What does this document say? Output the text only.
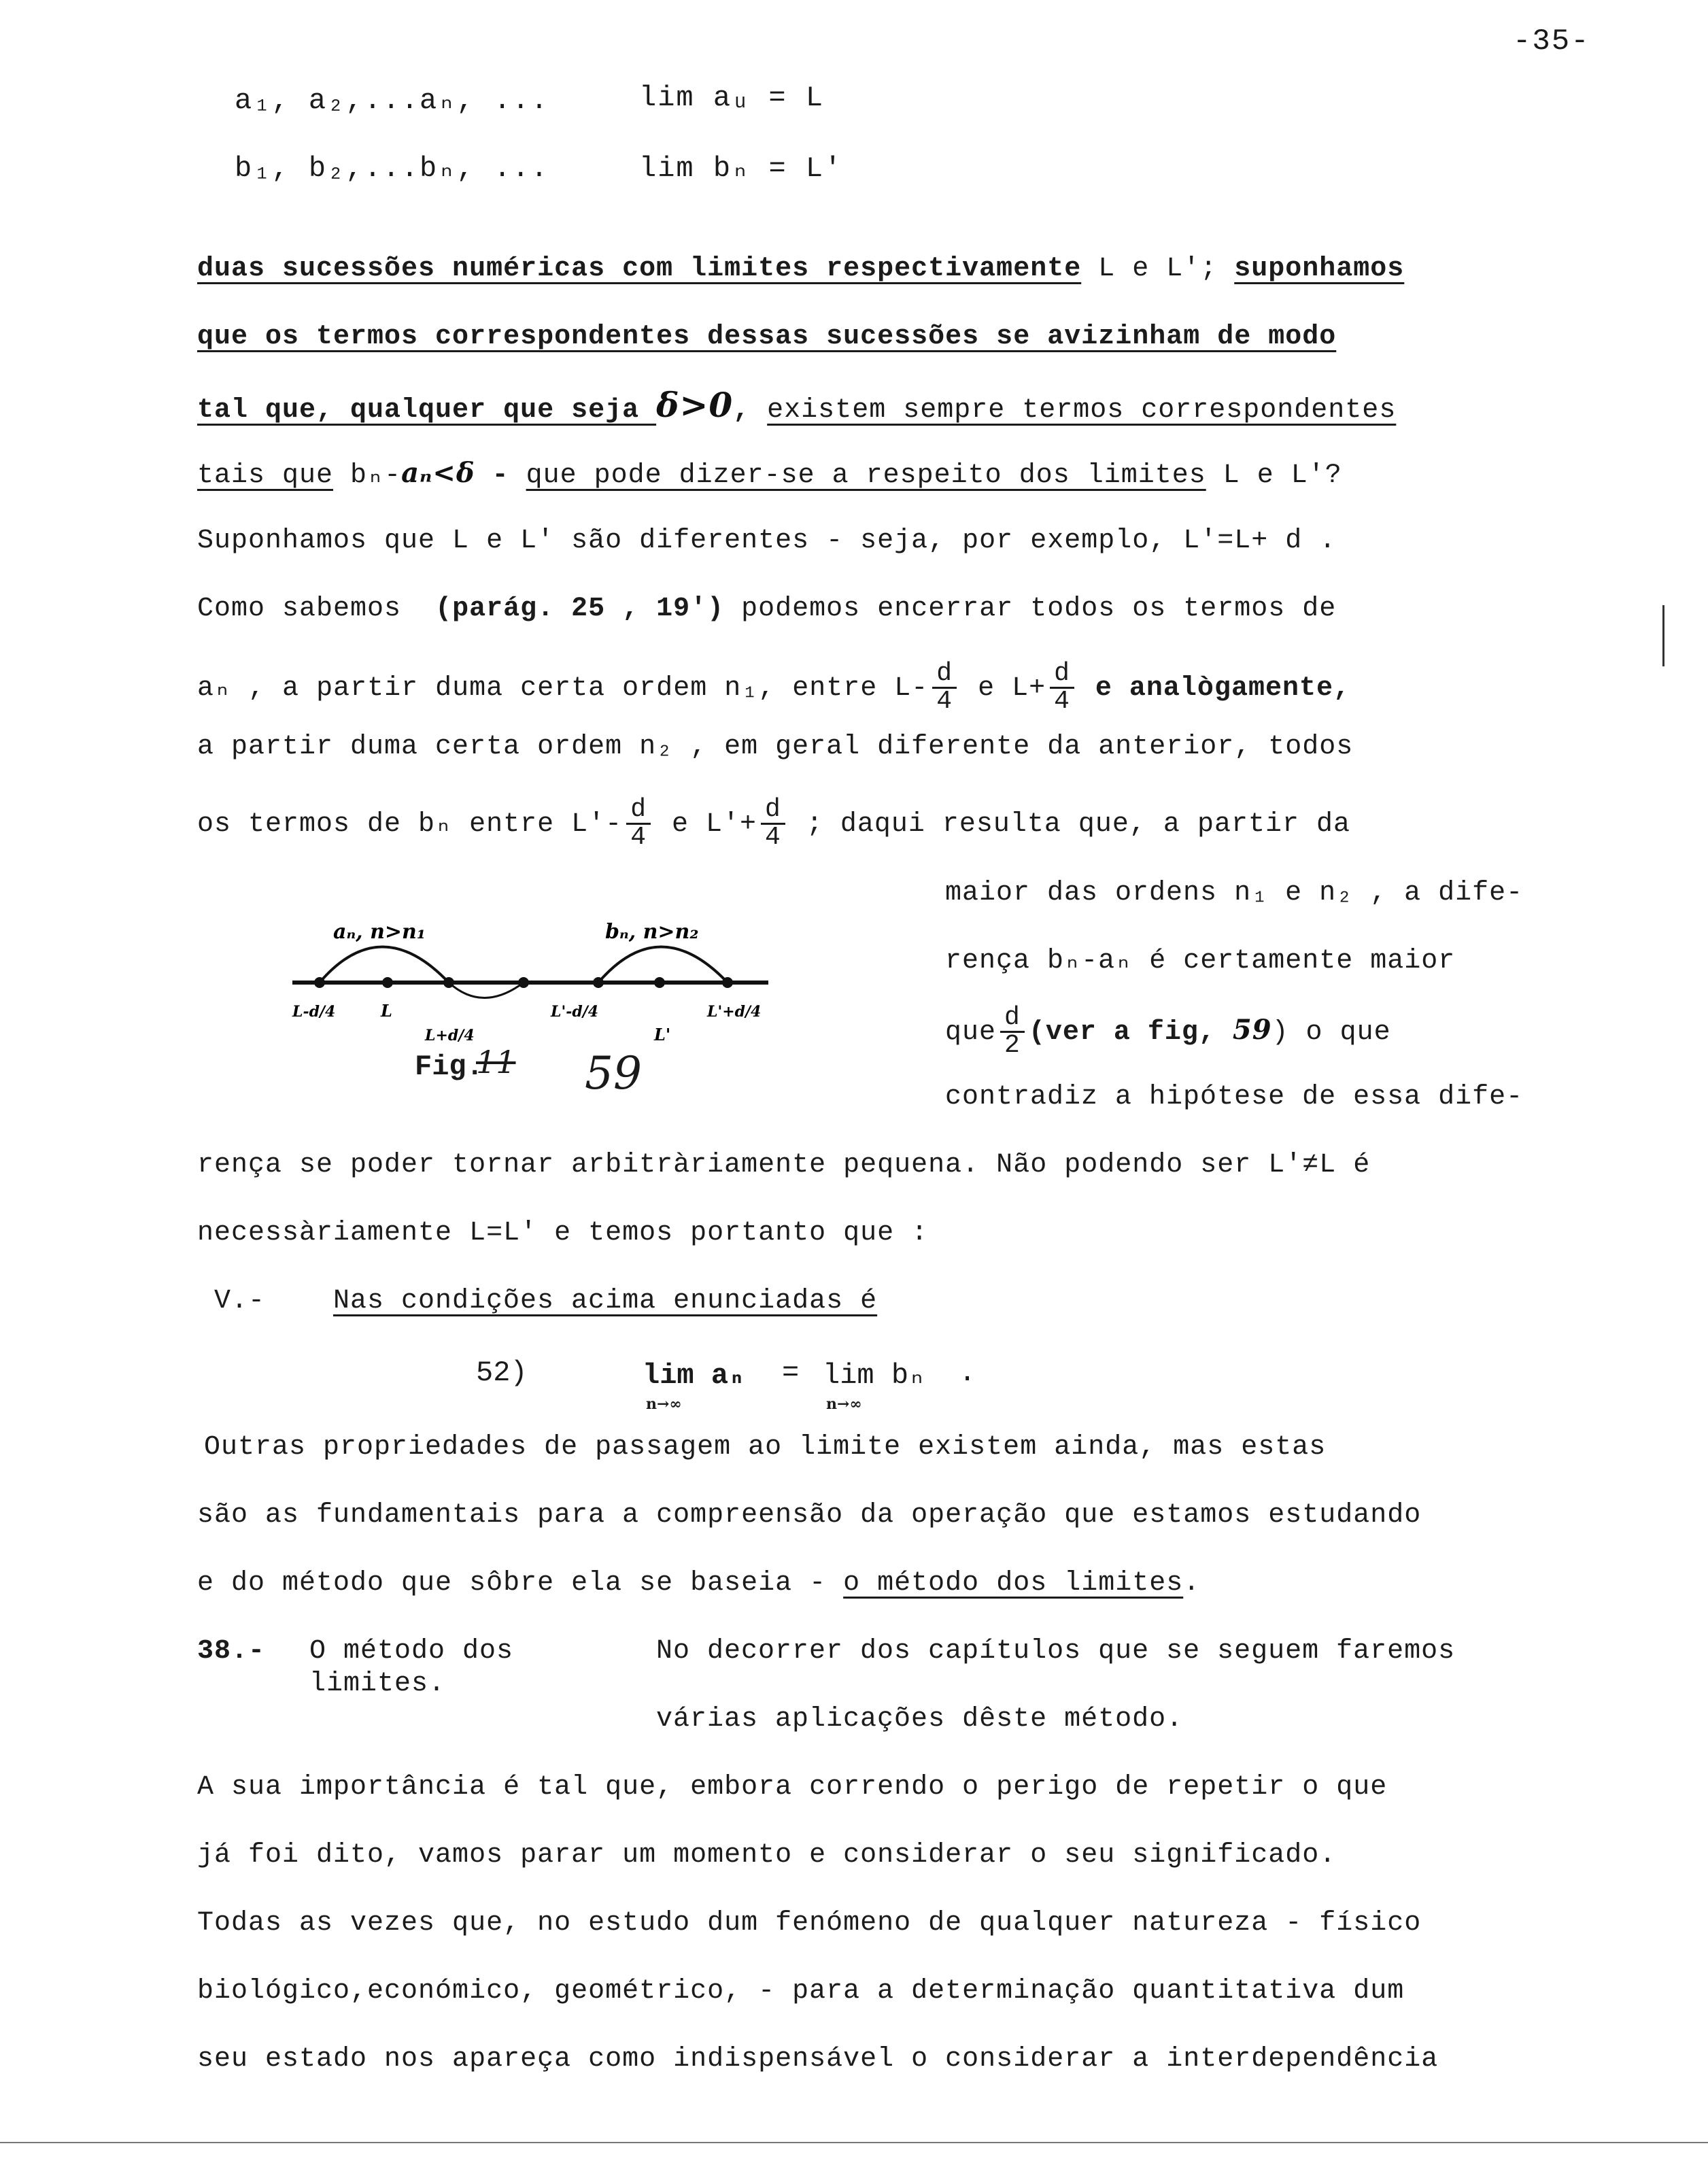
-35-
a₁, a₂,...aₙ, ...	lim aᵤ = L
b₁, b₂,...bₙ, ...	lim bₙ = L'
duas sucessões numéricas com limites respectivamente L e L'; suponhamos
que os termos correspondentes dessas sucessões se avizinham de modo
tal que, qualquer que seja δ>0, existem sempre termos correspondentes
tais que bₙ-aₙ<δ - que pode dizer-se a respeito dos limites L e L'?
Suponhamos que L e L' são diferentes - seja, por exemplo, L'=L+ d .
Como sabemos (parág. 25 , 19') podemos encerrar todos os termos de
aₙ , a partir duma certa ordem n₁, entre $L- \frac{d}{4}$ e $L+ \frac{d}{4}$ e analògamente,
a partir duma certa ordem n₂ , em geral diferente da anterior, todos
os termos de bₙ entre $L'- \frac{d}{4}$ e $L'+ \frac{d}{4}$ ; daqui resulta que, a partir da
maior das ordens n₁ e n₂ , a dife-
rença bₙ-aₙ é certamente maior
que $\frac{d}{2} (ver$ a fig, 59) o que
contradiz a hipótese de essa dife-
aₙ, n>n₁	bₙ, n>n₂
L-d/4	L
L+d/4
L'-d/4
L'
L'+d/4
Fig.
11 59
rença se poder tornar arbitràriamente pequena. Não podendo ser L'≠L é
necessàriamente L=L' e temos portanto que :
V.- Nas condições acima enunciadas é
52)	lim aₙ = lim bₙ .
n→∞	n→∞
Outras propriedades de passagem ao limite existem ainda, mas estas
são as fundamentais para a compreensão da operação que estamos estudando
e do método que sôbre ela se baseia - o método dos limites.
38.- O método dos
limites.
No decorrer dos capítulos que se seguem faremos
várias aplicações dêste método.
A sua importância é tal que, embora correndo o perigo de repetir o que
já foi dito, vamos parar um momento e considerar o seu significado.
Todas as vezes que, no estudo dum fenómeno de qualquer natureza - físico
biológico,económico, geométrico, - para a determinação quantitativa dum
seu estado nos apareça como indispensável o considerar a interdependência
